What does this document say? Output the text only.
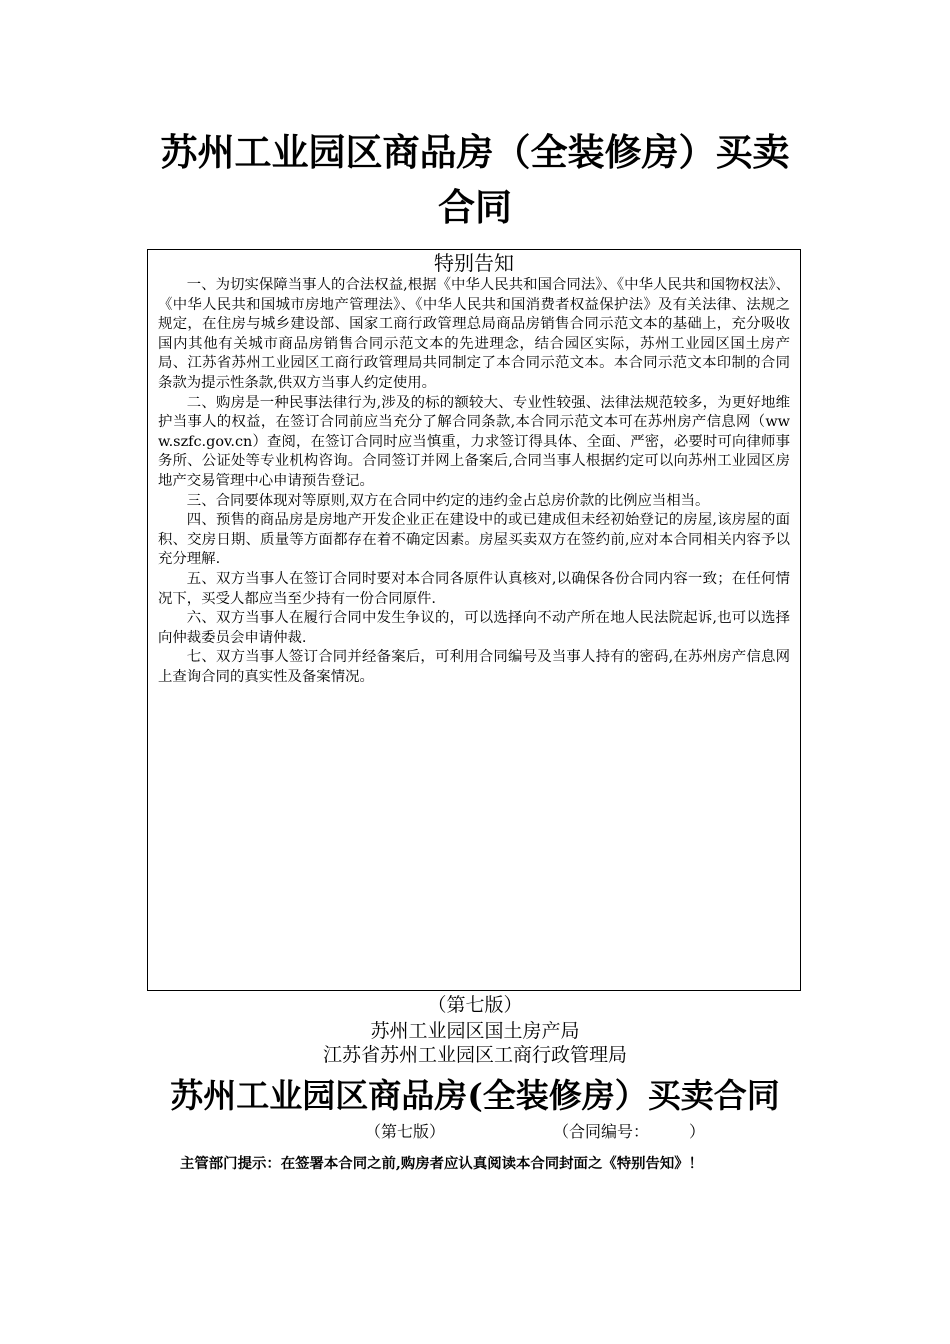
苏州工业园区商品房（全装修房）买卖合同

特别告知

一、为切实保障当事人的合法权益,根据《中华人民共和国合同法》、《中华人民共和国物权法》、《中华人民共和国城市房地产管理法》、《中华人民共和国消费者权益保护法》及有关法律、法规之规定，在住房与城乡建设部、国家工商行政管理总局商品房销售合同示范文本的基础上，充分吸收国内其他有关城市商品房销售合同示范文本的先进理念，结合园区实际，苏州工业园区国土房产局、江苏省苏州工业园区工商行政管理局共同制定了本合同示范文本。本合同示范文本印制的合同条款为提示性条款,供双方当事人约定使用。

二、购房是一种民事法律行为,涉及的标的额较大、专业性较强、法律法规范较多，为更好地维护当事人的权益，在签订合同前应当充分了解合同条款,本合同示范文本可在苏州房产信息网（www.szfc.gov.cn）查阅，在签订合同时应当慎重，力求签订得具体、全面、严密，必要时可向律师事务所、公证处等专业机构咨询。合同签订并网上备案后,合同当事人根据约定可以向苏州工业园区房地产交易管理中心申请预告登记。

三、合同要体现对等原则,双方在合同中约定的违约金占总房价款的比例应当相当。

四、预售的商品房是房地产开发企业正在建设中的或已建成但未经初始登记的房屋,该房屋的面积、交房日期、质量等方面都存在着不确定因素。房屋买卖双方在签约前,应对本合同相关内容予以充分理解.

五、双方当事人在签订合同时要对本合同各原件认真核对,以确保各份合同内容一致；在任何情况下，买受人都应当至少持有一份合同原件.

六、双方当事人在履行合同中发生争议的，可以选择向不动产所在地人民法院起诉,也可以选择向仲裁委员会申请仲裁.

七、双方当事人签订合同并经备案后，可利用合同编号及当事人持有的密码,在苏州房产信息网上查询合同的真实性及备案情况。

（第七版）

苏州工业园区国土房产局

江苏省苏州工业园区工商行政管理局

苏州工业园区商品房(全装修房）买卖合同
（第七版）	（合同编号：          ）

主管部门提示：在签署本合同之前,购房者应认真阅读本合同封面之《特别告知》！
